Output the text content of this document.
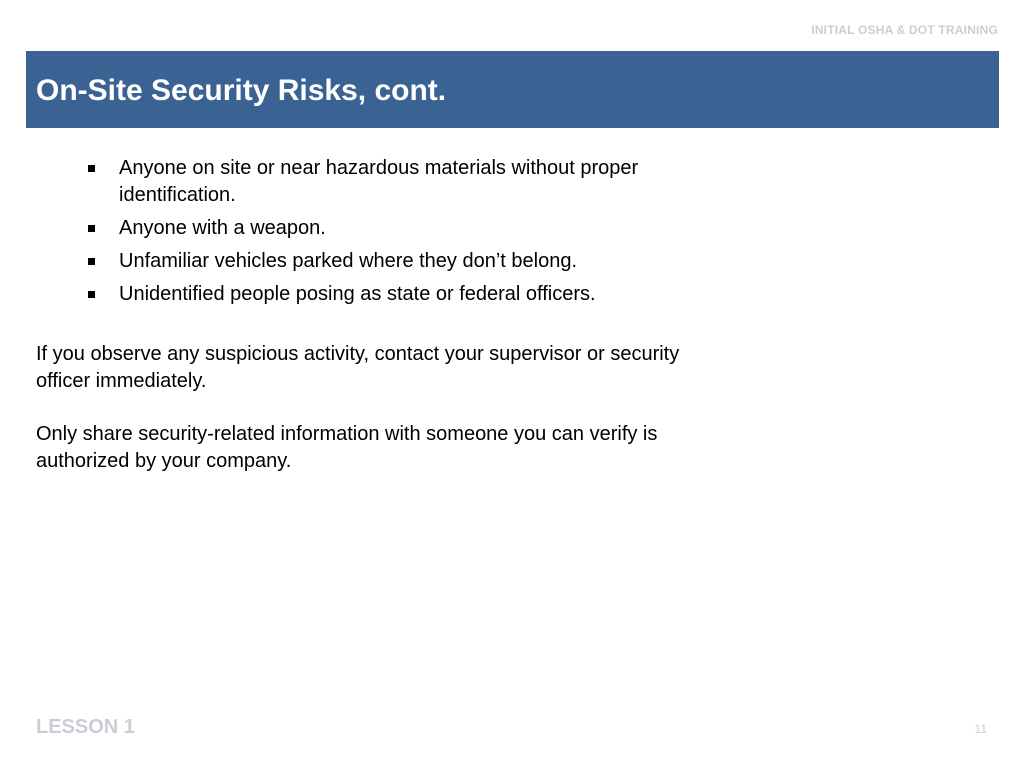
INITIAL OSHA & DOT TRAINING
On-Site Security Risks, cont.
Anyone on site or near hazardous materials without proper identification.
Anyone with a weapon.
Unfamiliar vehicles parked where they don’t belong.
Unidentified people posing as state or federal officers.

If you observe any suspicious activity, contact your supervisor or security officer immediately.

Only share security-related information with someone you can verify is authorized by your company.

LESSON 1	11
